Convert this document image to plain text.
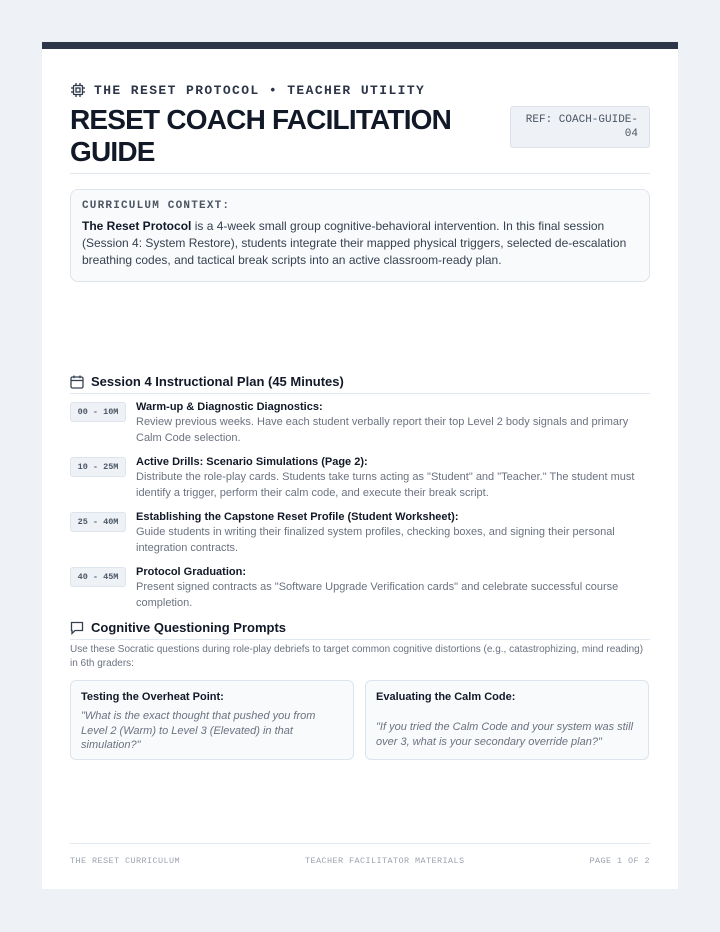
THE RESET PROTOCOL • TEACHER UTILITY
RESET COACH FACILITATION GUIDE
REF: COACH-GUIDE-04
CURRICULUM CONTEXT:

The Reset Protocol is a 4-week small group cognitive-behavioral intervention. In this final session (Session 4: System Restore), students integrate their mapped physical triggers, selected de-escalation breathing codes, and tactical break scripts into an active classroom-ready plan.

Session 4 Instructional Plan (45 Minutes)
00 - 10M	Warm-up & Diagnostic Diagnostics:
Review previous weeks. Have each student verbally report their top Level 2 body signals and primary Calm Code selection.
10 - 25M	Active Drills: Scenario Simulations (Page 2):
Distribute the role-play cards. Students take turns acting as "Student" and "Teacher." The student must identify a trigger, perform their calm code, and execute their break script.
25 - 40M	Establishing the Capstone Reset Profile (Student Worksheet):
Guide students in writing their finalized system profiles, checking boxes, and signing their personal integration contracts.
40 - 45M	Protocol Graduation:
Present signed contracts as "Software Upgrade Verification cards" and celebrate successful course completion.
Cognitive Questioning Prompts

Use these Socratic questions during role-play debriefs to target common cognitive distortions (e.g., catastrophizing, mind reading) in 6th graders:

Testing the Overheat Point:
"What is the exact thought that pushed you from Level 2 (Warm) to Level 3 (Elevated) in that simulation?"
Evaluating the Calm Code:
"If you tried the Calm Code and your system was still over 3, what is your secondary override plan?"
THE RESET CURRICULUM	TEACHER FACILITATOR MATERIALS	PAGE 1 OF 2
